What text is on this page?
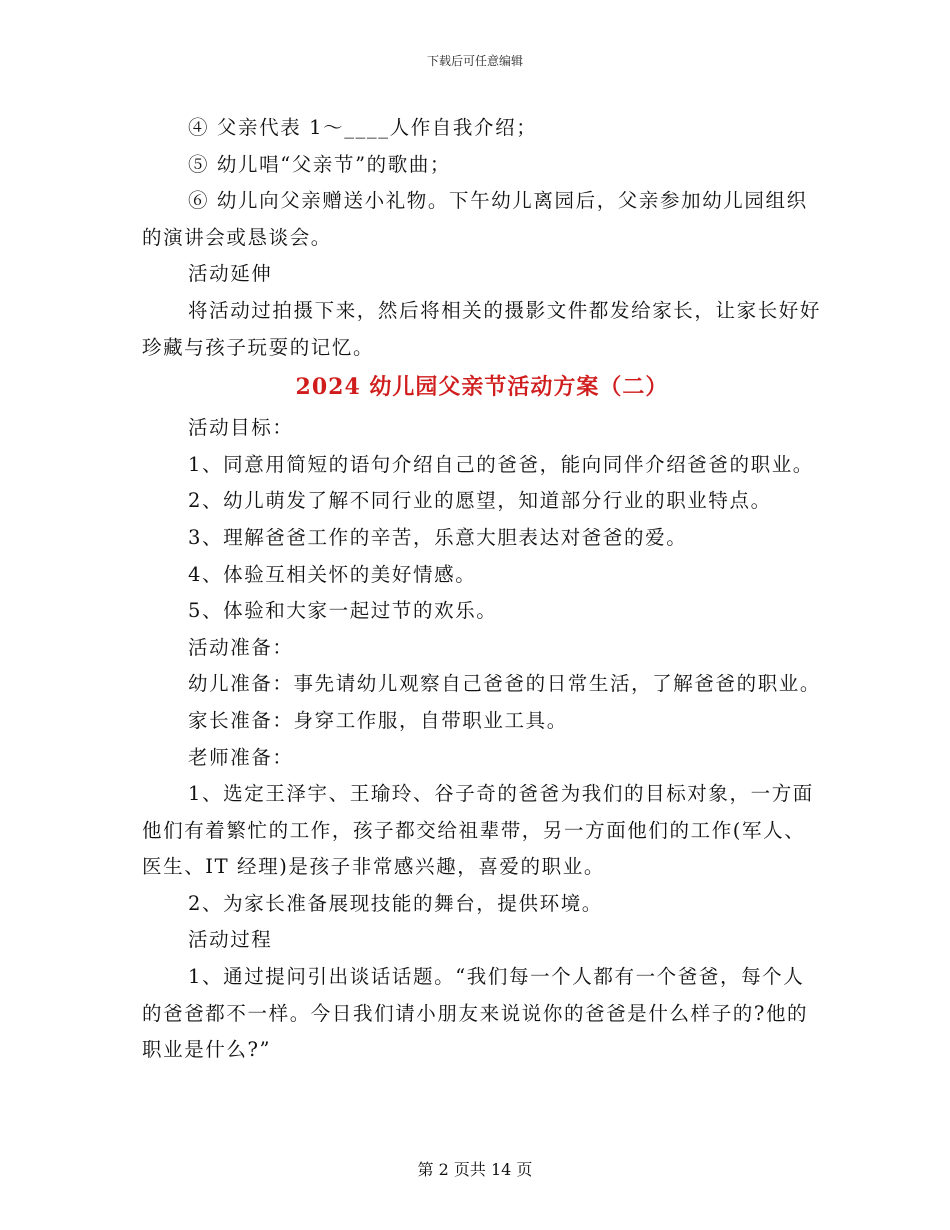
下载后可任意编辑

④ 父亲代表 1～____人作自我介绍；

⑤ 幼儿唱“父亲节”的歌曲；

⑥ 幼儿向父亲赠送小礼物。下午幼儿离园后，父亲参加幼儿园组织的演讲会或恳谈会。

活动延伸

将活动过拍摄下来，然后将相关的摄影文件都发给家长，让家长好好珍藏与孩子玩耍的记忆。

2024 幼儿园父亲节活动方案（二）

活动目标：

1、同意用简短的语句介绍自己的爸爸，能向同伴介绍爸爸的职业。

2、幼儿萌发了解不同行业的愿望，知道部分行业的职业特点。

3、理解爸爸工作的辛苦，乐意大胆表达对爸爸的爱。

4、体验互相关怀的美好情感。

5、体验和大家一起过节的欢乐。

活动准备：

幼儿准备：事先请幼儿观察自己爸爸的日常生活，了解爸爸的职业。

家长准备：身穿工作服，自带职业工具。

老师准备：

1、选定王泽宇、王瑜玲、谷子奇的爸爸为我们的目标对象，一方面他们有着繁忙的工作，孩子都交给祖辈带，另一方面他们的工作(军人、医生、IT 经理)是孩子非常感兴趣，喜爱的职业。

2、为家长准备展现技能的舞台，提供环境。

活动过程

1、通过提问引出谈话话题。“我们每一个人都有一个爸爸，每个人的爸爸都不一样。今日我们请小朋友来说说你的爸爸是什么样子的?他的职业是什么?”

第 2 页共 14 页
